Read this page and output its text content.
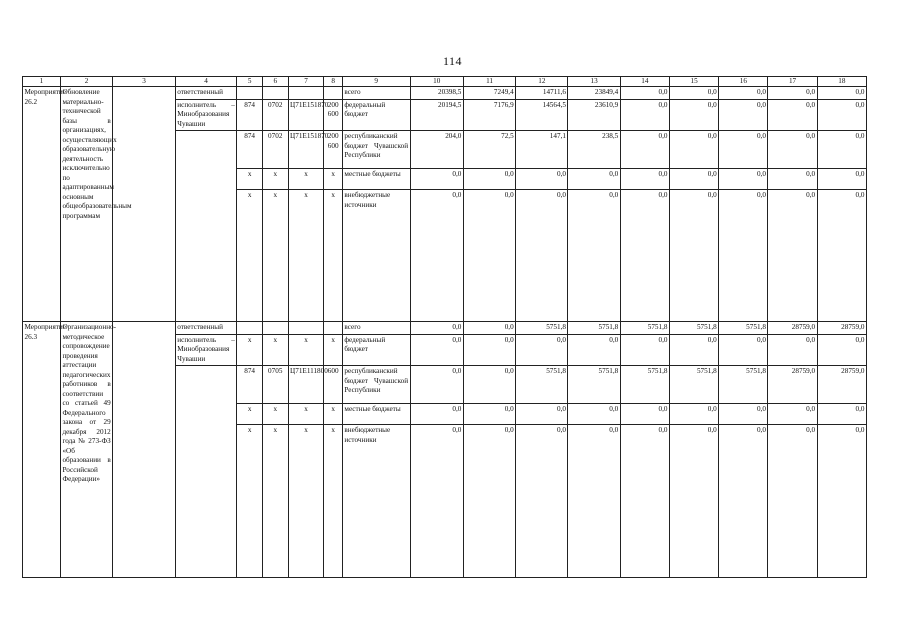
114
1	2	3	4	5	6	7	8	9	10	11	12	13	14	15	16	17	18
Мероприятие 26.2	Обновление материально-технической базы в организациях, осуществляющих образовательную деятельность исключительно по адаптированным основным общеобразовательным программам		ответственный					всего	20398,5	7249,4	14711,6	23849,4	0,0	0,0	0,0	0,0	0,0
			исполнитель – Минобразования Чувашии	874	0702	Ц71Е151870	200 600	федеральный бюджет	20194,5	7176,9	14564,5	23610,9	0,0	0,0	0,0	0,0	0,0
				874	0702	Ц71Е151870	200 600	республиканский бюджет Чувашской Республики	204,0	72,5	147,1	238,5	0,0	0,0	0,0	0,0	0,0
				х	х	х	х	местные бюджеты	0,0	0,0	0,0	0,0	0,0	0,0	0,0	0,0	0,0
				х	х	х	х	внебюджетные источники	0,0	0,0	0,0	0,0	0,0	0,0	0,0	0,0	0,0
Мероприятие 26.3	Организационно-методическое сопровождение проведения аттестации педагогических работников в соответствии со статьей 49 Федерального закона от 29 декабря 2012 года № 273-ФЗ «Об образовании в Российской Федерации»		ответственный					всего	0,0	0,0	5751,8	5751,8	5751,8	5751,8	5751,8	28759,0	28759,0
			исполнитель – Минобразования Чувашии	х	х	х	х	федеральный бюджет	0,0	0,0	0,0	0,0	0,0	0,0	0,0	0,0	0,0
				874	0705	Ц71Е111800	600	республиканский бюджет Чувашской Республики	0,0	0,0	5751,8	5751,8	5751,8	5751,8	5751,8	28759,0	28759,0
				х	х	х	х	местные бюджеты	0,0	0,0	0,0	0,0	0,0	0,0	0,0	0,0	0,0
				х	х	х	х	внебюджетные источники	0,0	0,0	0,0	0,0	0,0	0,0	0,0	0,0	0,0
